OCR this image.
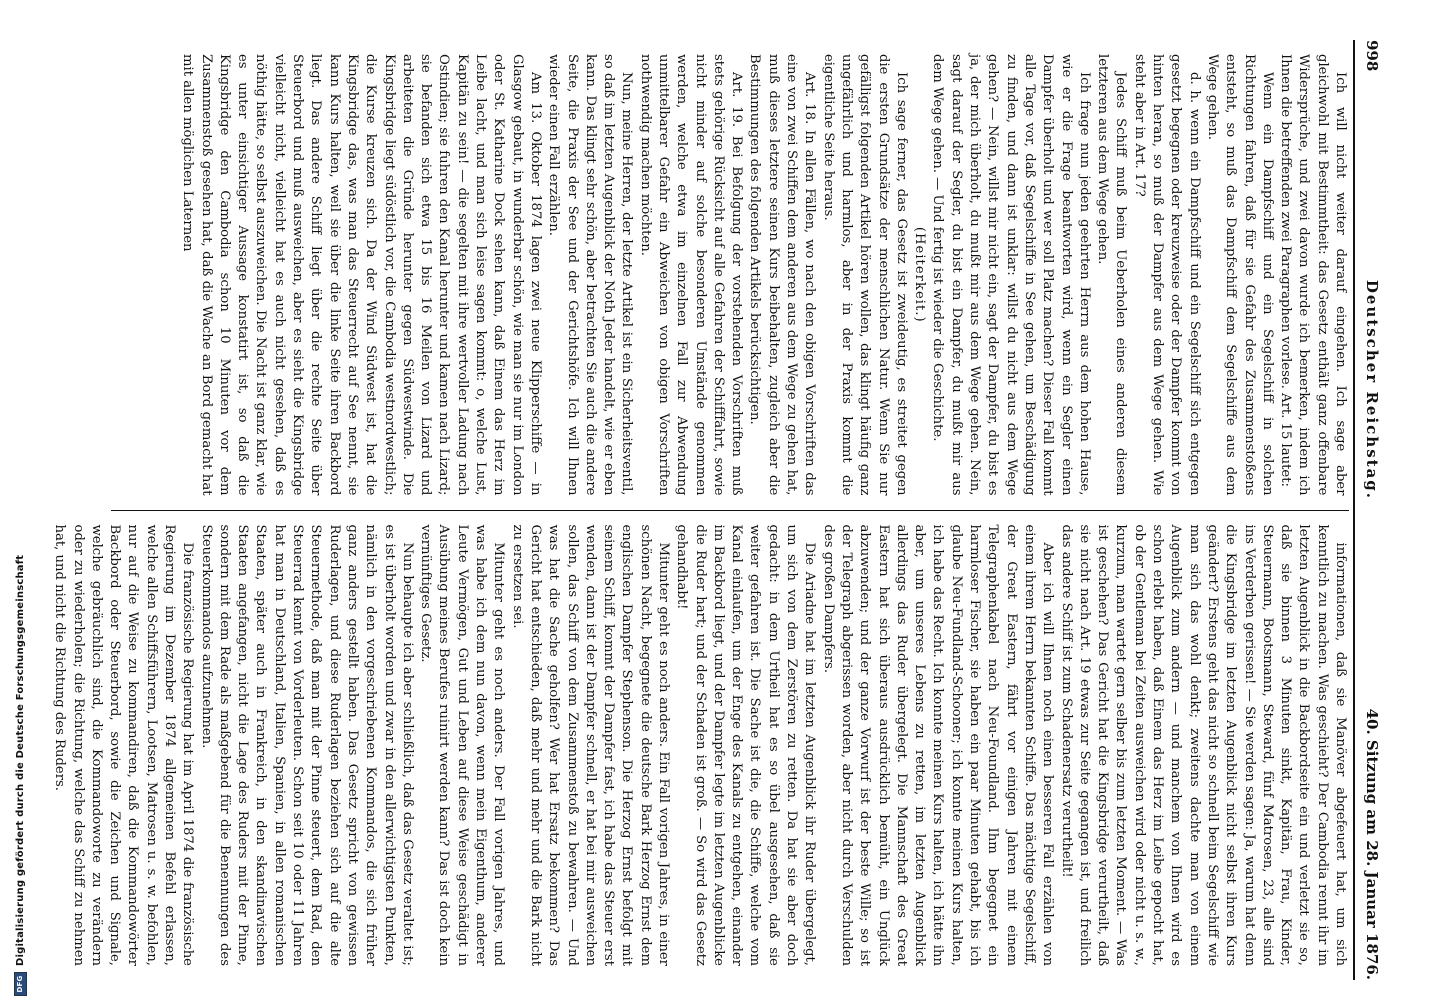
998
Deutscher Reichstag.
40. Sitzung am 28. Januar 1876.

Ich will nicht weiter darauf eingehen. Ich sage aber gleichwohl mit Bestimmtheit: das Gesetz enthält ganz offenbare Widersprüche, und zwei davon wurde ich bemerken, indem ich Ihnen die betreffenden zwei Paragraphen vorlese. Art. 15 lautet:

Wenn ein Dampfschiff und ein Segelschiff in solchen Richtungen fahren, daß für sie Gefahr des Zusammenstoßens entsteht, so muß das Dampfschiff dem Segelschiffe aus dem Wege gehen.

d. h. wenn ein Dampfschiff und ein Segelschiff sich entgegen gesetzt begegnen oder kreuzweise oder der Dampfer kommt von hinten heran, so muß der Dampfer aus dem Wege gehen. Wie steht aber in Art. 17?

Jedes Schiff muß beim Ueberholen eines anderen diesem letzteren aus dem Wege gehen.

Ich frage nun jeden geehrten Herrn aus dem hohen Hause, wie er die Frage beantworten wird, wenn ein Segler einen Dampfer überholt und wer soll Platz machen? Dieser Fall kommt alle Tage vor, daß Segelschiffe in See gehen, um Beschädigung zu finden, und dann ist unklar: willst du nicht aus dem Wege gehen? — Nein, willst mir nicht ein, sagt der Dampfer, du bist es ja, der mich überholt, du mußt mir aus dem Wege gehen. Nein, sagt darauf der Segler, du bist ein Dampfer, du mußt mir aus dem Wege gehen. — Und fertig ist wieder die Geschichte.

(Heiterkeit.)

Ich sage ferner, das Gesetz ist zweideutig, es streitet gegen die ersten Grundsätze der menschlichen Natur. Wenn Sie nur gefälligst folgenden Artikel hören wollen, das klingt häufig ganz ungefährlich und harmlos, aber in der Praxis kommt die eigentliche Seite heraus.

Art. 18. In allen Fällen, wo nach den obigen Vorschriften das eine von zwei Schiffen dem anderen aus dem Wege zu gehen hat, muß dieses letztere seinen Kurs beibehalten, zugleich aber die Bestimmungen des folgenden Artikels berücksichtigen.

Art. 19. Bei Befolgung der vorstehenden Vorschriften muß stets gehörige Rücksicht auf alle Gefahren der Schifffahrt, sowie nicht minder auf solche besonderen Umstände genommen werden, welche etwa im einzelnen Fall zur Abwendung unmittelbarer Gefahr ein Abweichen von obigen Vorschriften nothwendig machen möchten.

Nun, meine Herren, der letzte Artikel ist ein Sicherheitsventil, so daß im letzten Augenblick der Noth Jeder handelt, wie er eben kann. Das klingt sehr schön, aber betrachten Sie auch die andere Seite, die Praxis der See und der Gerichtshöfe. Ich will Ihnen wieder einen Fall erzählen.

Am 13. Oktober 1874 lagen zwei neue Klipperschiffe — in Glasgow gebaut, in wunderbar schön, wie man sie nur im London oder St. Katharine Dock sehen kann, daß Einem das Herz im Leibe lacht, und man sich leise sagen kommt: o, welche Lust, Kapitän zu sein! — die segelten mit ihre wertvoller Ladung nach Ostindien; sie fuhren den Kanal herunter und kamen nach Lizard; sie befanden sich etwa 15 bis 16 Meilen von Lizard und arbeiteten die Gründe herunter gegen Südwestwinde. Die Kingsbridge liegt südöstlich vor, die Cambodia westnordwestlich; die Kurse kreuzen sich. Da der Wind Südwest ist, hat die Kingsbridge das, was man das Steuerrecht auf See nennt, sie kann Kurs halten, weil sie über die linke Seite ihren Backbord liegt. Das andere Schiff liegt über die rechte Seite über Steuerbord und muß ausweichen, aber es sieht die Kingsbridge vielleicht nicht, vielleicht hat es auch nicht gesehen, daß es nöthig hätte, so selbst auszuweichen. Die Nacht ist ganz klar, wie es unter einsichtiger Aussage konstatirt ist, so daß die Kingsbridge den Cambodia schon 10 Minuten vor dem Zusammenstoß gesehen hat, daß die Wache an Bord gemacht hat mit allen möglichen Laternen

informationen, daß sie Manöver abgefeuert hat, um sich kenntlich zu machen. Was geschieht? Der Cambodia rennt ihr im letzten Augenblick in die Backbordseite ein und verletzt sie so, daß sie binnen 3 Minuten sinkt, Kapitän, Frau, Kinder, Steuermann, Bootsmann, Steward, fünf Matrosen, 23, alle sind ins Verderben gerissen! — Sie werden sagen: Ja, warum hat denn die Kingsbridge im letzten Augenblick nicht selbst ihren Kurs geändert? Erstens geht das nicht so schnell beim Segelschiff wie man sich das wohl denkt; zweitens dachte man von einem Augenblick zum andern — und manchem von Ihnen wird es schon erlebt haben, daß Einem das Herz im Leibe gepocht hat, ob der Gentleman bei Zeiten ausweichen wird oder nicht u. s. w., kurzum, man wartet gern selber bis zum letzten Moment. — Was ist geschehen? Das Gericht hat die Kingsbridge verurtheilt, daß sie nicht nach Art. 19 etwas zur Seite gegangen ist, und freilich das andere Schiff ist zum Schadenersatz verurtheilt!

Aber ich will Ihnen noch einen besseren Fall erzählen von einem ihrem Herrn bekannten Schiffe. Das mächtige Segelschiff, der Great Eastern, fährt vor einigen Jahren mit einem Telegraphenkabel nach Neu-Foundland. Ihm begegnet ein harmloser Fischer, sie haben ein paar Minuten gehabt, bis ich glaube Neu-Fundland-Schooner; ich konnte meinen Kurs halten, ich habe das Recht. Ich konnte meinen Kurs halten, ich hätte ihn aber, um unseres Lebens zu retten, im letzten Augenblick allerdings das Ruder übergelegt. Die Mannschaft des Great Eastern hat sich überaus ausdrücklich bemüht, ein Unglück abzuwenden; und der ganze Vorwurf ist der beste Wille; so ist der Telegraph abgerissen worden, aber nicht durch Verschulden des großen Dampfers.

Die Ariadne hat im letzten Augenblick ihr Ruder übergelegt, um sich von dem Zerstören zu retten. Da hat sie aber doch gedacht: in dem Urtheil hat es so übel ausgesehen, daß sie weiter gefahren ist. Die Sache ist die, die Schiffe, welche vom Kanal einlaufen, um der Enge des Kanals zu entgehen, einander im Backbord liegt, und der Dampfer legte im letzten Augenblicke die Ruder hart; und der Schaden ist groß. — So wird das Gesetz gehandhabt!

Mitunter geht es noch anders. Ein Fall vorigen Jahres, in einer schönen Nacht, begegnete die deutsche Bark Herzog Ernst dem englischen Dampfer Stephenson. Die Herzog Ernst befolgt mit seinem Schiff, kommt der Dampfer fast, ich habe das Steuer erst wenden, dann ist der Dampfer schnell, er hat bei mir ausweichen sollen, das Schiff von dem Zusammenstoß zu bewahren. — Und was hat die Sache geholfen? Wer hat Ersatz bekommen? Das Gericht hat entschieden, daß mehr und mehr und die Bark nicht zu ersetzen sei.

Mitunter geht es noch anders. Der Fall vorigen Jahres, und was habe ich dem nun davon, wenn mein Eigenthum, anderer Leute Vermögen, Gut und Leben auf diese Weise geschädigt in Ausübung meines Berufes ruinirt werden kann? Das ist doch kein vernünftiges Gesetz.

Nun behaupte ich aber schließlich, daß das Gesetz veraltet ist; es ist überholt worden und zwar in den allerwichtigsten Punkten, nämlich in den vorgeschriebenen Kommandos, die sich früher ganz anders gestellt haben. Das Gesetz spricht von gewissen Ruderlagen, und diese Ruderlagen beziehen sich auf die alte Steuermethode, daß man mit der Pinne steuert, dem Rad, den Steuerrad kennt von Vorderleuten. Schon seit 10 oder 11 Jahren hat man in Deutschland, Italien, Spanien, in allen romanischen Staaten, später auch in Frankreich, in den skandinavischen Staaten angefangen, nicht die Lage des Ruders mit der Pinne, sondern mit dem Rade als maßgebend für die Benennungen des Steuerkommandos aufzunehmen.

Die französische Regierung hat im April 1874 die französische Regierung im Dezember 1874 allgemeinen Befehl erlassen, welche allen Schiffsführern, Lootsen, Matrosen u. s. w. befohlen, nur auf die Weise zu kommandiren, daß die Kommandowörter Backbord oder Steuerbord, sowie die Zeichen und Signale, welche gebräuchlich sind, die Kommandoworte zu verändern oder zu wiederholen; die Richtung, welche das Schiff zu nehmen hat, und nicht die Richtung des Ruders.

DFG
Digitalisierung gefördert durch die Deutsche Forschungsgemeinschaft
